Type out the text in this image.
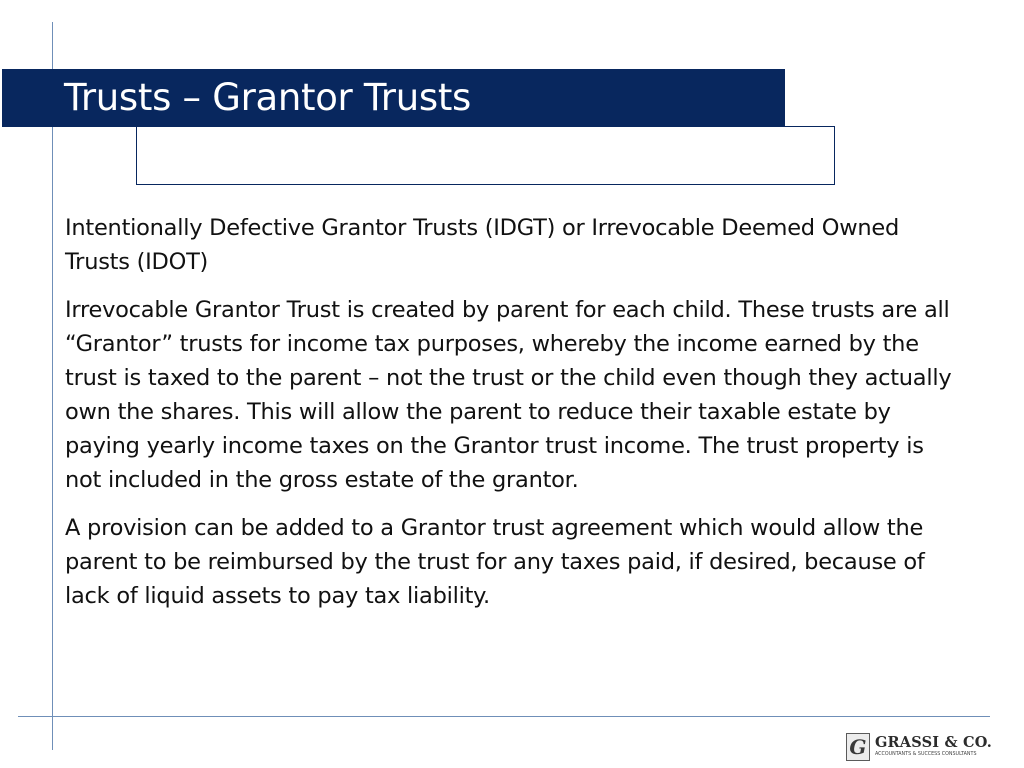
Trusts – Grantor Trusts

Intentionally Defective Grantor Trusts (IDGT) or Irrevocable Deemed Owned Trusts (IDOT)

Irrevocable Grantor Trust is created by parent for each child. These trusts are all “Grantor” trusts for income tax purposes, whereby the income earned by the trust is taxed to the parent – not the trust or the child even though they actually own the shares. This will allow the parent to reduce their taxable estate by paying yearly income taxes on the Grantor trust income. The trust property is not included in the gross estate of the grantor.

A provision can be added to a Grantor trust agreement which would allow the parent to be reimbursed by the trust for any taxes paid, if desired, because of lack of liquid assets to pay tax liability.

G GRASSI & CO.
ACCOUNTANTS & SUCCESS CONSULTANTS
